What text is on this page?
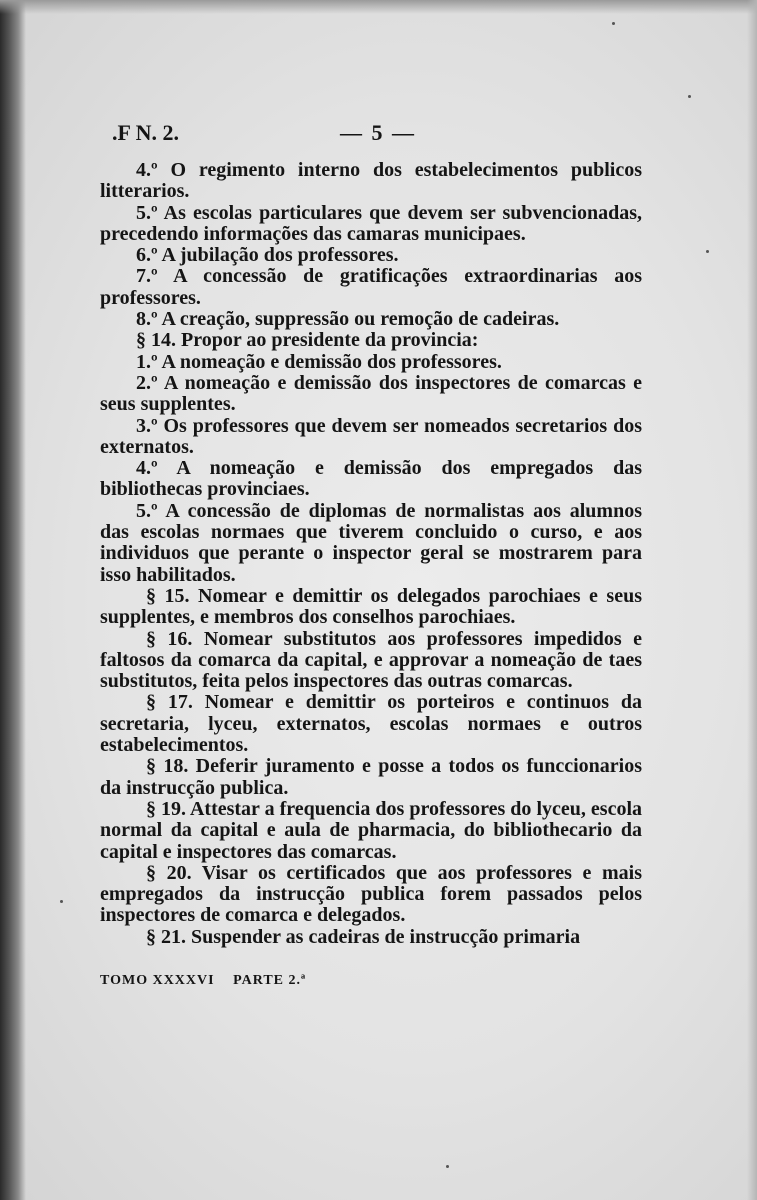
.F N. 2.	— 5 —

4.º O regimento interno dos estabelecimentos publicos litterarios.

5.º As escolas particulares que devem ser subvencionadas, precedendo informações das camaras municipaes.

6.º A jubilação dos professores.

7.º A concessão de gratificações extraordinarias aos professores.

8.º A creação, suppressão ou remoção de cadeiras.

§ 14. Propor ao presidente da provincia:

1.º A nomeação e demissão dos professores.

2.º A nomeação e demissão dos inspectores de comarcas e seus supplentes.

3.º Os professores que devem ser nomeados secretarios dos externatos.

4.º A nomeação e demissão dos empregados das bibliothecas provinciaes.

5.º A concessão de diplomas de normalistas aos alumnos das escolas normaes que tiverem concluido o curso, e aos individuos que perante o inspector geral se mostrarem para isso habilitados.

§ 15. Nomear e demittir os delegados parochiaes e seus supplentes, e membros dos conselhos parochiaes.

§ 16. Nomear substitutos aos professores impedidos e faltosos da comarca da capital, e approvar a nomeação de taes substitutos, feita pelos inspectores das outras comarcas.

§ 17. Nomear e demittir os porteiros e continuos da secretaria, lyceu, externatos, escolas normaes e outros estabelecimentos.

§ 18. Deferir juramento e posse a todos os funccionarios da instrucção publica.

§ 19. Attestar a frequencia dos professores do lyceu, escola normal da capital e aula de pharmacia, do bibliothecario da capital e inspectores das comarcas.

§ 20. Visar os certificados que aos professores e mais empregados da instrucção publica forem passados pelos inspectores de comarca e delegados.

§ 21. Suspender as cadeiras de instrucção primaria

TOMO XXXXVI PARTE 2.ª
